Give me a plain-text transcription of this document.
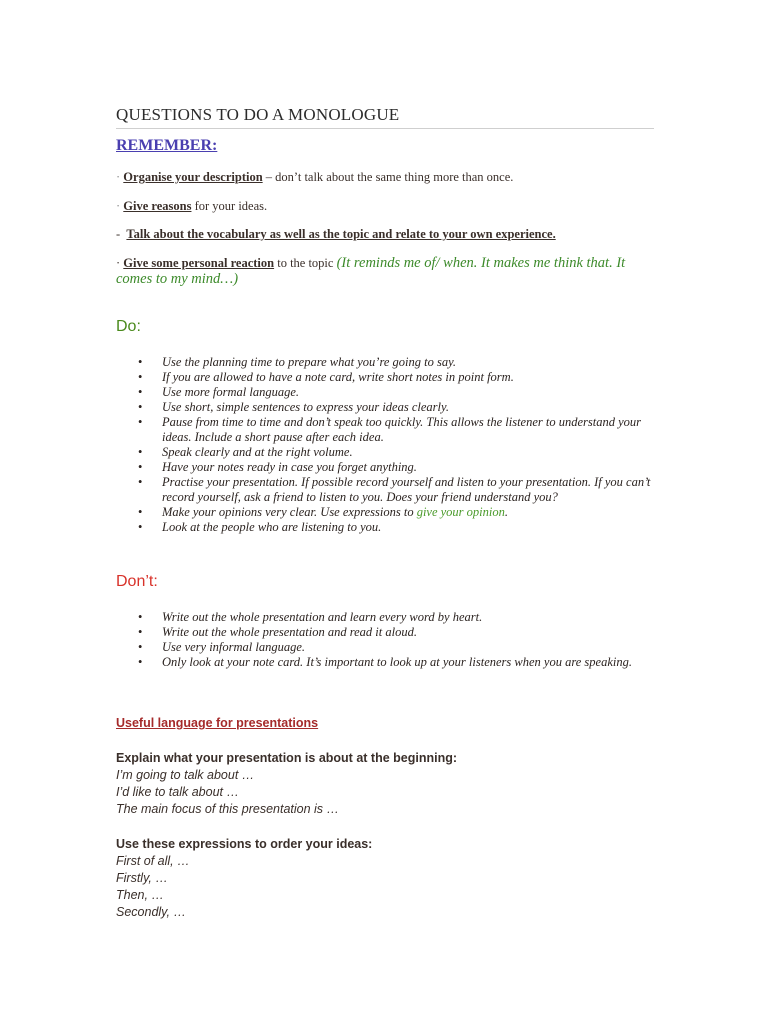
QUESTIONS TO DO A MONOLOGUE
REMEMBER:
· Organise your description – don’t talk about the same thing more than once.
· Give reasons for your ideas.
- Talk about the vocabulary as well as the topic and relate to your own experience.
· Give some personal reaction to the topic (It reminds me of/ when. It makes me think that. It comes to my mind…)
Do:
• Use the planning time to prepare what you’re going to say.
• If you are allowed to have a note card, write short notes in point form.
• Use more formal language.
• Use short, simple sentences to express your ideas clearly.
• Pause from time to time and don’t speak too quickly. This allows the listener to understand your ideas. Include a short pause after each idea.
• Speak clearly and at the right volume.
• Have your notes ready in case you forget anything.
• Practise your presentation. If possible record yourself and listen to your presentation. If you can’t record yourself, ask a friend to listen to you. Does your friend understand you?
• Make your opinions very clear. Use expressions to give your opinion.
• Look at the people who are listening to you.
Don’t:
• Write out the whole presentation and learn every word by heart.
• Write out the whole presentation and read it aloud.
• Use very informal language.
• Only look at your note card. It’s important to look up at your listeners when you are speaking.
Useful language for presentations
Explain what your presentation is about at the beginning:
I’m going to talk about …
I’d like to talk about …
The main focus of this presentation is …
Use these expressions to order your ideas:
First of all, …
Firstly, …
Then, …
Secondly, …
